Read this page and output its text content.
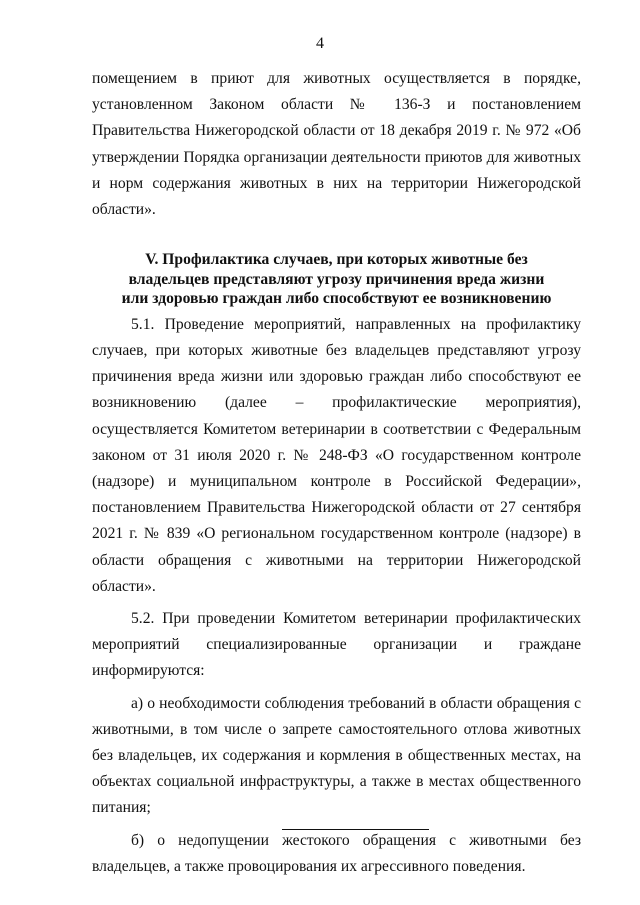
4

помещением в приют для животных осуществляется в порядке, установленном Законом области № 136-З и постановлением Правительства Нижегородской области от 18 декабря 2019 г. № 972 «Об утверждении Порядка организации деятельности приютов для животных и норм содержания животных в них на территории Нижегородской области».

V. Профилактика случаев, при которых животные без владельцев представляют угрозу причинения вреда жизни или здоровью граждан либо способствуют ее возникновению

5.1. Проведение мероприятий, направленных на профилактику случаев, при которых животные без владельцев представляют угрозу причинения вреда жизни или здоровью граждан либо способствуют ее возникновению (далее – профилактические мероприятия), осуществляется Комитетом ветеринарии в соответствии с Федеральным законом от 31 июля 2020 г. № 248-ФЗ «О государственном контроле (надзоре) и муниципальном контроле в Российской Федерации», постановлением Правительства Нижегородской области от 27 сентября 2021 г. № 839 «О региональном государственном контроле (надзоре) в области обращения с животными на территории Нижегородской области».

5.2. При проведении Комитетом ветеринарии профилактических мероприятий специализированные организации и граждане информируются:

а) о необходимости соблюдения требований в области обращения с животными, в том числе о запрете самостоятельного отлова животных без владельцев, их содержания и кормления в общественных местах, на объектах социальной инфраструктуры, а также в местах общественного питания;

б) о недопущении жестокого обращения с животными без владельцев, а также провоцирования их агрессивного поведения.
